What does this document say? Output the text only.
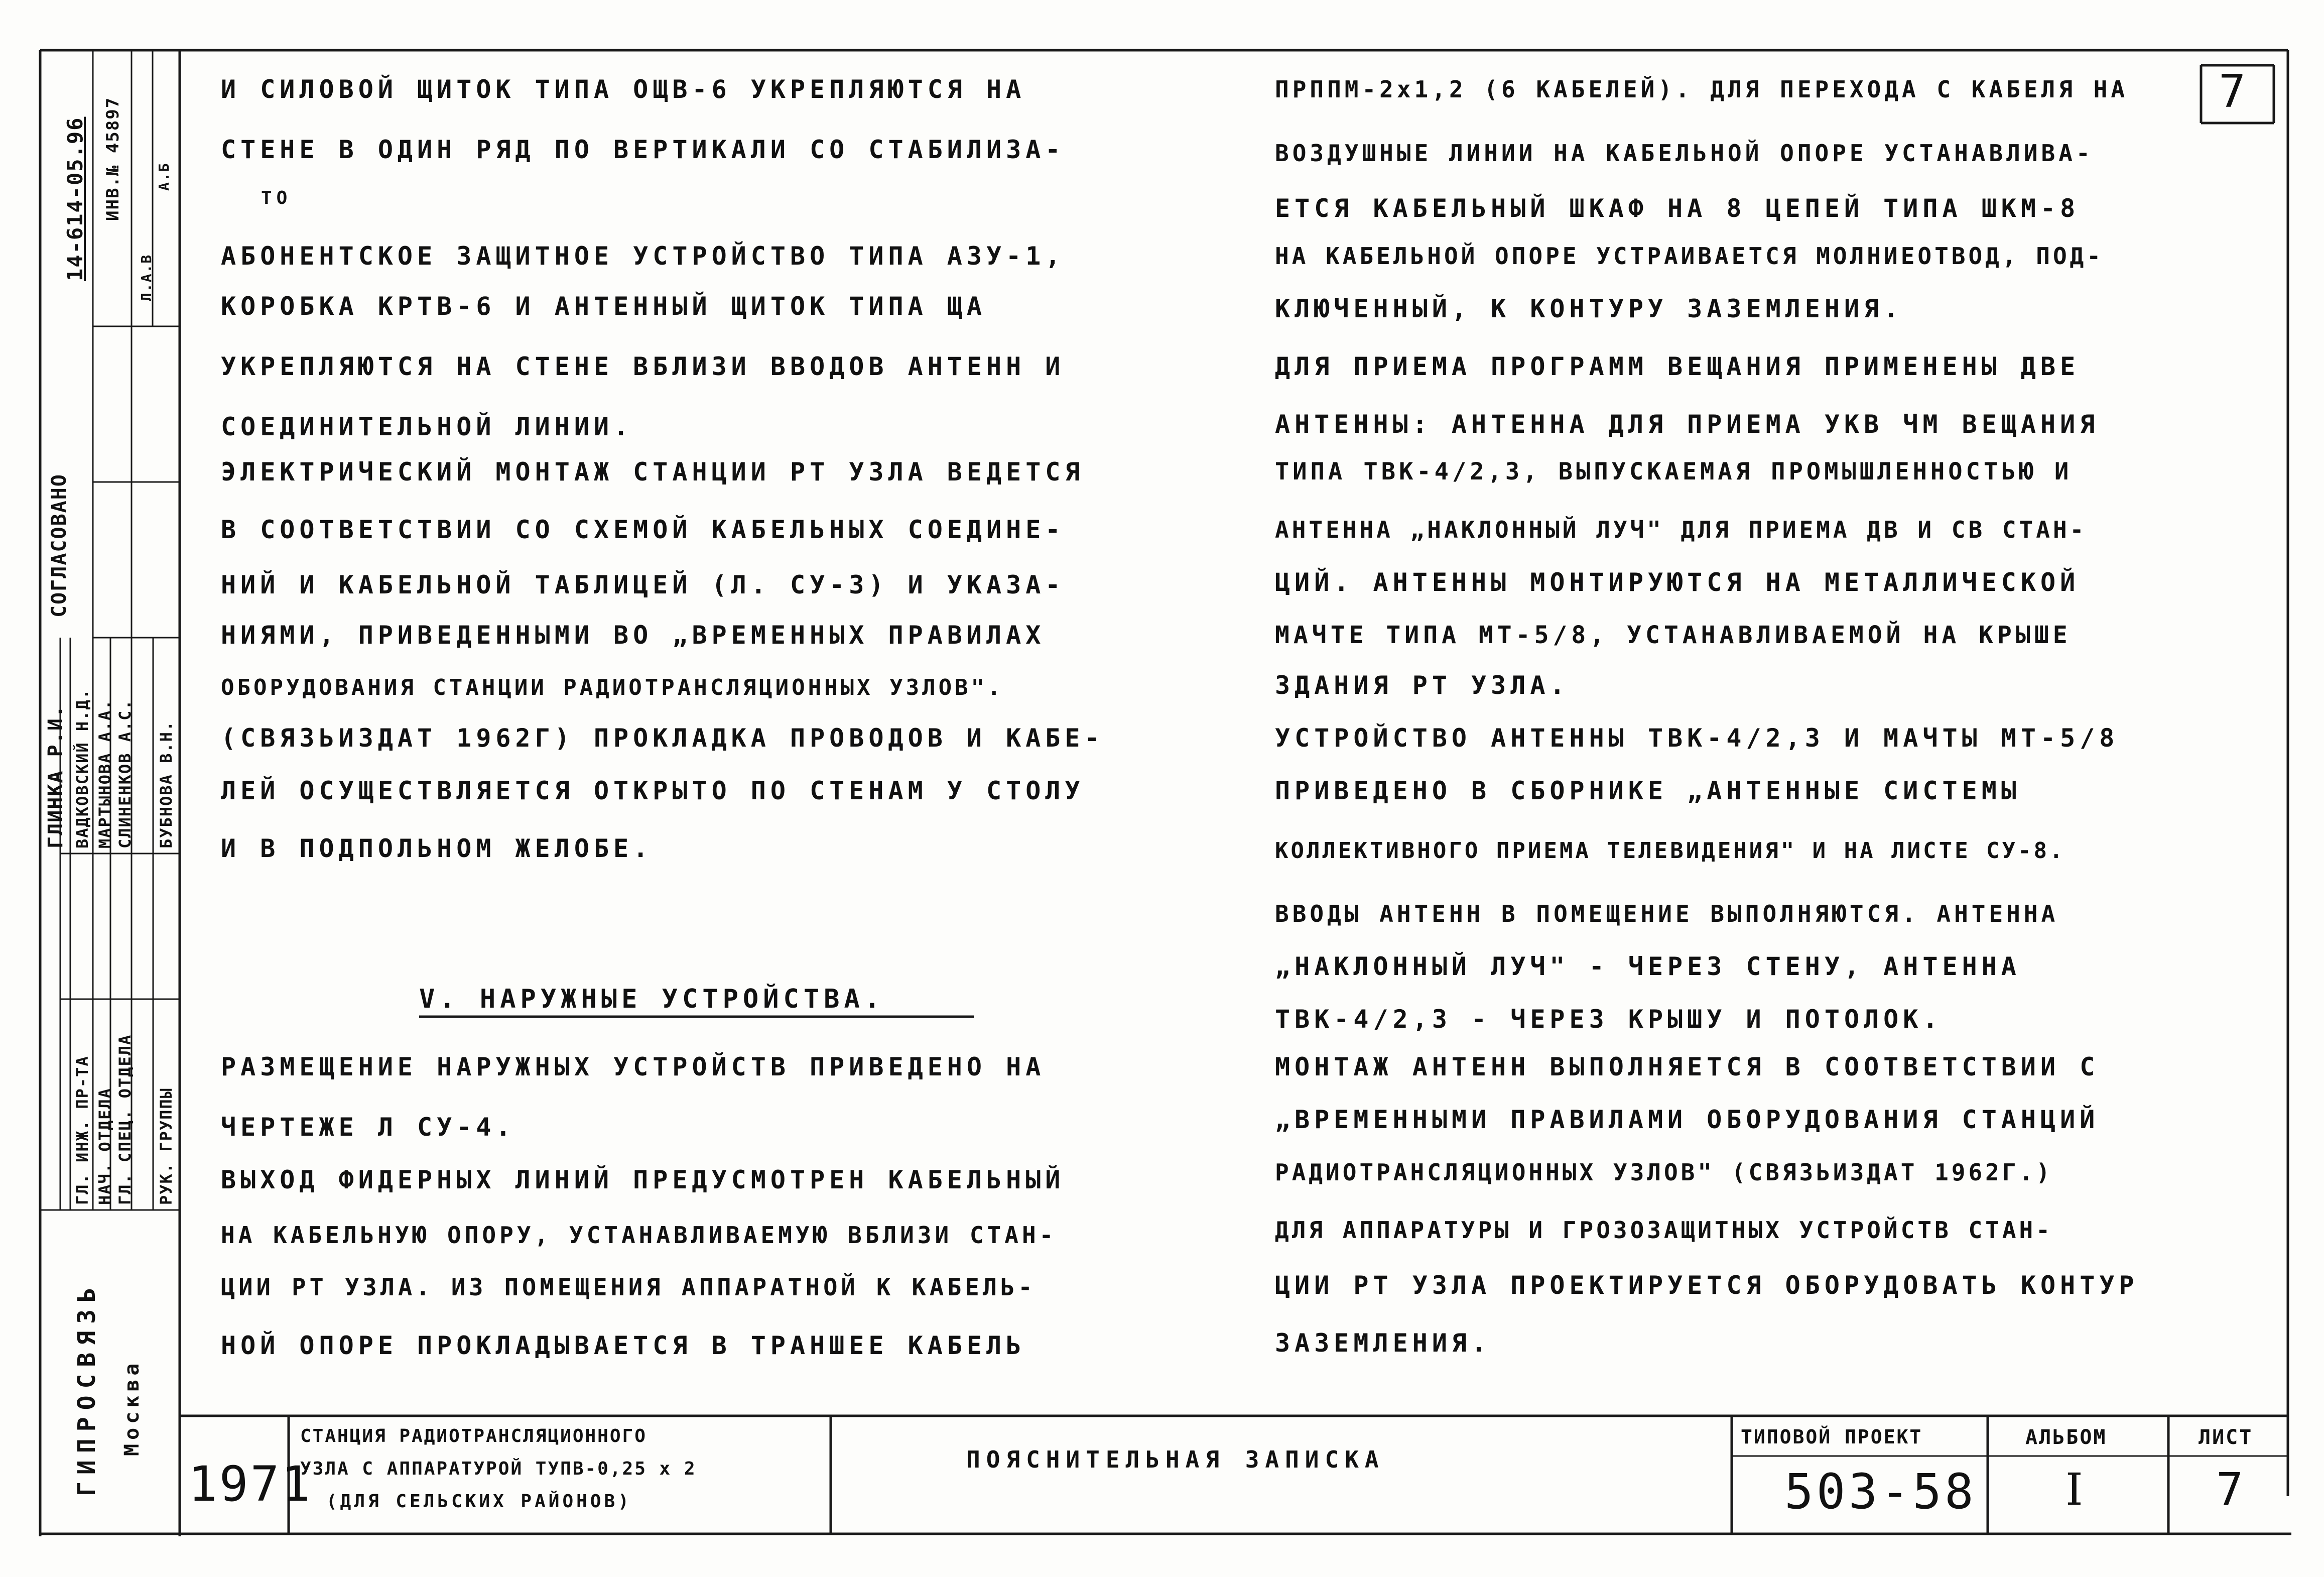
7
14-614-05.96 ИНВ.№ 45897
Л.А.В
А.Б
СОГЛАСОВАНО
ГЛИНКА Р.И. ВАДКОВСКИЙ Н.Д. МАРТЫНОВА А.А. СЛИНЕНКОВ А.С. БУБНОВА В.Н.
ГЛ. ИНЖ. ПР-ТА НАЧ. ОТДЕЛА ГЛ. СПЕЦ. ОТДЕЛА РУК. ГРУППЫ
ГИПРОСВЯЗЬ Москва
И СИЛОВОЙ ЩИТОК ТИПА ОЩВ-6 УКРЕПЛЯЮТСЯ НА
СТЕНЕ В ОДИН РЯД ПО ВЕРТИКАЛИ СО СТАБИЛИЗА-
ТО
АБОНЕНТСКОЕ ЗАЩИТНОЕ УСТРОЙСТВО ТИПА АЗУ-1,
КОРОБКА КРТВ-6 И АНТЕННЫЙ ЩИТОК ТИПА ЩА
УКРЕПЛЯЮТСЯ НА СТЕНЕ ВБЛИЗИ ВВОДОВ АНТЕНН И
СОЕДИНИТЕЛЬНОЙ ЛИНИИ.
ЭЛЕКТРИЧЕСКИЙ МОНТАЖ СТАНЦИИ РТ УЗЛА ВЕДЕТСЯ
В СООТВЕТСТВИИ СО СХЕМОЙ КАБЕЛЬНЫХ СОЕДИНЕ-
НИЙ И КАБЕЛЬНОЙ ТАБЛИЦЕЙ (Л. СУ-3) И УКАЗА-
НИЯМИ, ПРИВЕДЕННЫМИ ВО „ВРЕМЕННЫХ ПРАВИЛАХ
ОБОРУДОВАНИЯ СТАНЦИИ РАДИОТРАНСЛЯЦИОННЫХ УЗЛОВ".
(СВЯЗЬИЗДАТ 1962Г) ПРОКЛАДКА ПРОВОДОВ И КАБЕ-
ЛЕЙ ОСУЩЕСТВЛЯЕТСЯ ОТКРЫТО ПО СТЕНАМ У СТОЛУ
И В ПОДПОЛЬНОМ ЖЕЛОБЕ.
V. НАРУЖНЫЕ УСТРОЙСТВА.
РАЗМЕЩЕНИЕ НАРУЖНЫХ УСТРОЙСТВ ПРИВЕДЕНО НА
ЧЕРТЕЖЕ Л СУ-4.
ВЫХОД ФИДЕРНЫХ ЛИНИЙ ПРЕДУСМОТРЕН КАБЕЛЬНЫЙ
НА КАБЕЛЬНУЮ ОПОРУ, УСТАНАВЛИВАЕМУЮ ВБЛИЗИ СТАН-
ЦИИ РТ УЗЛА. ИЗ ПОМЕЩЕНИЯ АППАРАТНОЙ К КАБЕЛЬ-
НОЙ ОПОРЕ ПРОКЛАДЫВАЕТСЯ В ТРАНШЕЕ КАБЕЛЬ
ПРППМ-2x1,2 (6 КАБЕЛЕЙ). ДЛЯ ПЕРЕХОДА С КАБЕЛЯ НА
ВОЗДУШНЫЕ ЛИНИИ НА КАБЕЛЬНОЙ ОПОРЕ УСТАНАВЛИВА-
ЕТСЯ КАБЕЛЬНЫЙ ШКАФ НА 8 ЦЕПЕЙ ТИПА ШКМ-8
НА КАБЕЛЬНОЙ ОПОРЕ УСТРАИВАЕТСЯ МОЛНИЕОТВОД, ПОД-
КЛЮЧЕННЫЙ, К КОНТУРУ ЗАЗЕМЛЕНИЯ.
ДЛЯ ПРИЕМА ПРОГРАММ ВЕЩАНИЯ ПРИМЕНЕНЫ ДВЕ
АНТЕННЫ: АНТЕННА ДЛЯ ПРИЕМА УКВ ЧМ ВЕЩАНИЯ
ТИПА ТВК-4/2,3, ВЫПУСКАЕМАЯ ПРОМЫШЛЕННОСТЬЮ И
АНТЕННА „НАКЛОННЫЙ ЛУЧ" ДЛЯ ПРИЕМА ДВ И СВ СТАН-
ЦИЙ. АНТЕННЫ МОНТИРУЮТСЯ НА МЕТАЛЛИЧЕСКОЙ
МАЧТЕ ТИПА МТ-5/8, УСТАНАВЛИВАЕМОЙ НА КРЫШЕ
ЗДАНИЯ РТ УЗЛА.
УСТРОЙСТВО АНТЕННЫ ТВК-4/2,3 И МАЧТЫ МТ-5/8
ПРИВЕДЕНО В СБОРНИКЕ „АНТЕННЫЕ СИСТЕМЫ
КОЛЛЕКТИВНОГО ПРИЕМА ТЕЛЕВИДЕНИЯ" И НА ЛИСТЕ СУ-8.
ВВОДЫ АНТЕНН В ПОМЕЩЕНИЕ ВЫПОЛНЯЮТСЯ. АНТЕННА
„НАКЛОННЫЙ ЛУЧ" - ЧЕРЕЗ СТЕНУ, АНТЕННА
ТВК-4/2,3 - ЧЕРЕЗ КРЫШУ И ПОТОЛОК.
МОНТАЖ АНТЕНН ВЫПОЛНЯЕТСЯ В СООТВЕТСТВИИ С
„ВРЕМЕННЫМИ ПРАВИЛАМИ ОБОРУДОВАНИЯ СТАНЦИЙ
РАДИОТРАНСЛЯЦИОННЫХ УЗЛОВ" (СВЯЗЬИЗДАТ 1962Г.)
ДЛЯ АППАРАТУРЫ И ГРОЗОЗАЩИТНЫХ УСТРОЙСТВ СТАН-
ЦИИ РТ УЗЛА ПРОЕКТИРУЕТСЯ ОБОРУДОВАТЬ КОНТУР
ЗАЗЕМЛЕНИЯ.
1971
СТАНЦИЯ РАДИОТРАНСЛЯЦИОННОГО
УЗЛА С АППАРАТУРОЙ ТУПВ-0,25 x 2
(ДЛЯ СЕЛЬСКИХ РАЙОНОВ)
ПОЯСНИТЕЛЬНАЯ ЗАПИСКА
ТИПОВОЙ ПРОЕКТ
503-58
АЛЬБОМ
I
ЛИСТ
7
